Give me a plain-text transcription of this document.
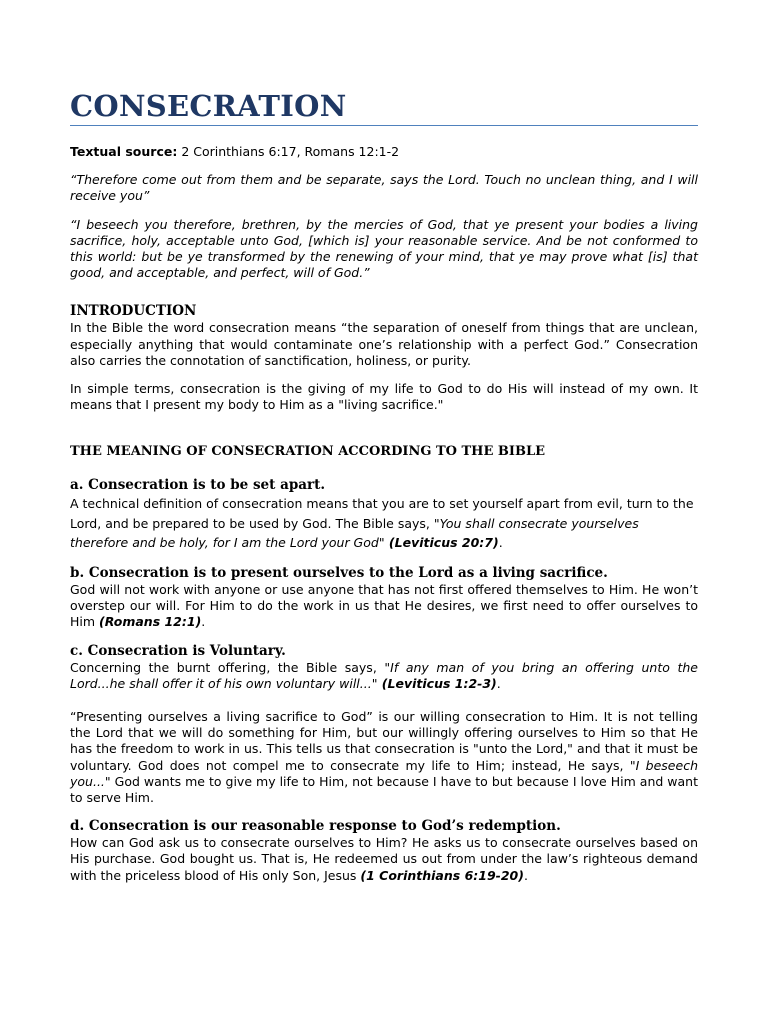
CONSECRATION

Textual source: 2 Corinthians 6:17, Romans 12:1-2

“Therefore come out from them and be separate, says the Lord. Touch no unclean thing, and I will receive you”

“I beseech you therefore, brethren, by the mercies of God, that ye present your bodies a living sacrifice, holy, acceptable unto God, [which is] your reasonable service. And be not conformed to this world: but be ye transformed by the renewing of your mind, that ye may prove what [is] that good, and acceptable, and perfect, will of God.”

INTRODUCTION

In the Bible the word consecration means “the separation of oneself from things that are unclean, especially anything that would contaminate one’s relationship with a perfect God.” Consecration also carries the connotation of sanctification, holiness, or purity.

In simple terms, consecration is the giving of my life to God to do His will instead of my own. It means that I present my body to Him as a "living sacrifice."

THE MEANING OF CONSECRATION ACCORDING TO THE BIBLE
a. Consecration is to be set apart.

A technical definition of consecration means that you are to set yourself apart from evil, turn to the Lord, and be prepared to be used by God. The Bible says, "You shall consecrate yourselves therefore and be holy, for I am the Lord your God" (Leviticus 20:7).

b. Consecration is to present ourselves to the Lord as a living sacrifice.

God will not work with anyone or use anyone that has not first offered themselves to Him. He won’t overstep our will. For Him to do the work in us that He desires, we first need to offer ourselves to Him (Romans 12:1).

c. Consecration is Voluntary.

Concerning the burnt offering, the Bible says, "If any man of you bring an offering unto the Lord...he shall offer it of his own voluntary will..." (Leviticus 1:2-3).

“Presenting ourselves a living sacrifice to God” is our willing consecration to Him. It is not telling the Lord that we will do something for Him, but our willingly offering ourselves to Him so that He has the freedom to work in us. This tells us that consecration is "unto the Lord," and that it must be voluntary. God does not compel me to consecrate my life to Him; instead, He says, "I beseech you..." God wants me to give my life to Him, not because I have to but because I love Him and want to serve Him.

d. Consecration is our reasonable response to God’s redemption.

How can God ask us to consecrate ourselves to Him? He asks us to consecrate ourselves based on His purchase. God bought us. That is, He redeemed us out from under the law’s righteous demand with the priceless blood of His only Son, Jesus (1 Corinthians 6:19-20).
